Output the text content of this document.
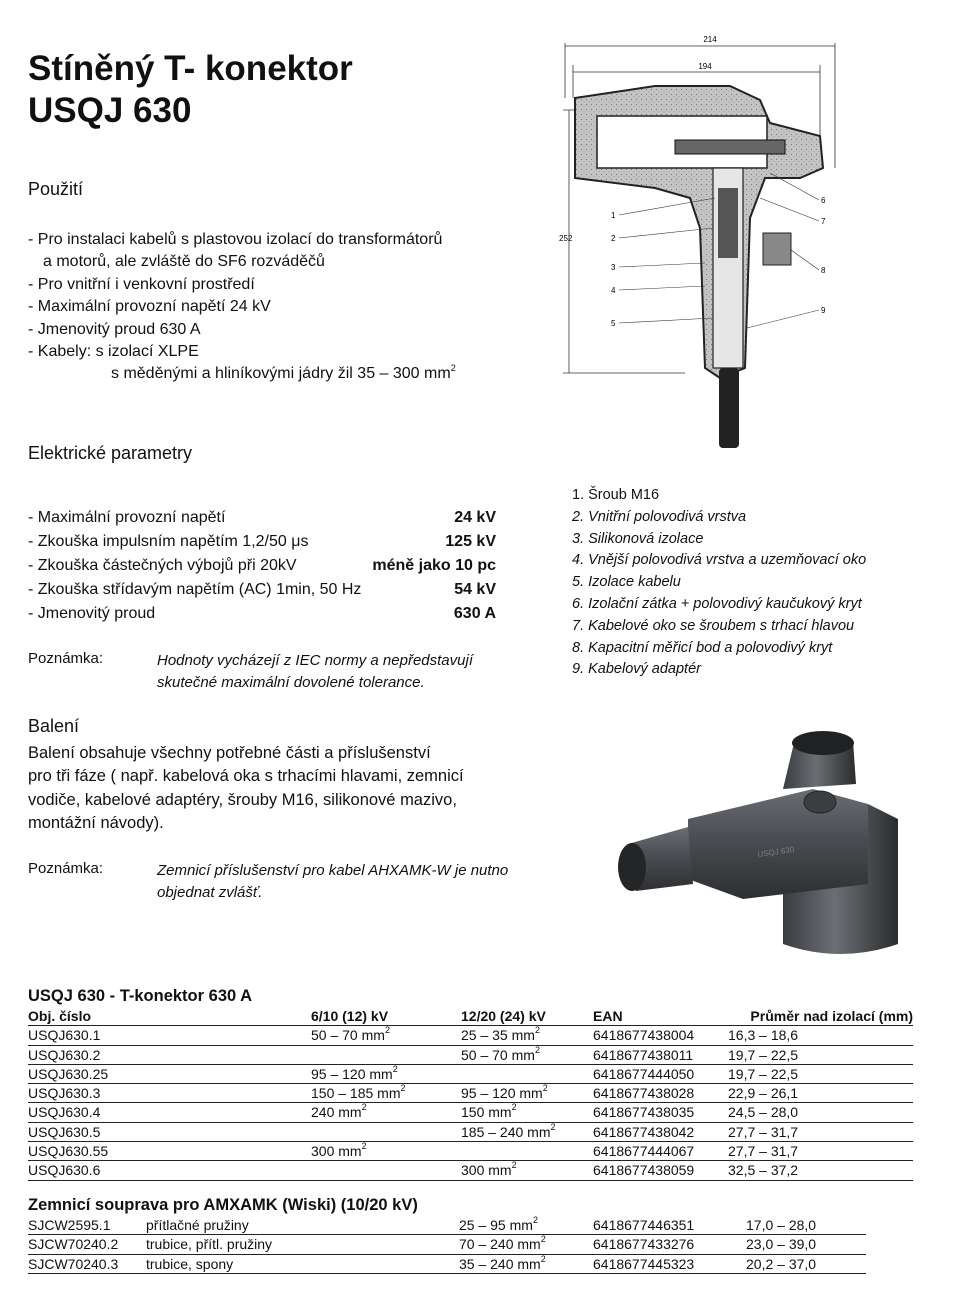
Stíněný T- konektor
USQJ 630
Použití
- Pro instalaci kabelů s plastovou izolací do transformátorů
a motorů, ale zvláště do SF6 rozváděčů
- Pro vnitřní i venkovní prostředí
- Maximální provozní napětí 24 kV
- Jmenovitý proud 630 A
- Kabely: s izolací XLPE
s měděnými a hliníkovými jádry žil 35 – 300 $mm^2$
214
194
252
1
2
3
4
5
6
7
8
9
Elektrické parametry
- Maximální provozní napětí	24 kV
- Zkouška impulsním napětím 1,2/50 μs	125 kV
- Zkouška částečných výbojů při 20kV	méně jako 10 pc
- Zkouška střídavým napětím (AC) 1min, 50 Hz	54 kV
- Jmenovitý proud	630 A
Poznámka:	Hodnoty vycházejí z IEC normy a nepředstavují
skutečné maximální dovolené tolerance.
1. Šroub M16
2. Vnitřní polovodivá vrstva
3. Silikonová izolace
4. Vnější polovodivá vrstva a uzemňovací oko
5. Izolace kabelu
6. Izolační zátka + polovodivý kaučukový kryt
7. Kabelové oko se šroubem s trhací hlavou
8. Kapacitní měřicí bod a polovodivý kryt
9. Kabelový adaptér
Balení
Balení obsahuje všechny potřebné části a příslušenství
pro tři fáze ( např. kabelová oka s trhacími hlavami, zemnicí
vodiče, kabelové adaptéry, šrouby M16, silikonové mazivo,
montážní návody).
Poznámka:	Zemnicí příslušenství pro kabel AHXAMK-W je nutno
objednat zvlášť.
USQJ 630
USQJ 630 - T-konektor 630 A
Obj. číslo	6/10 (12) kV	12/20 (24) kV	EAN	Průměr nad izolací (mm)
USQJ630.1	50 – 70 $mm^2$	25 – 35 $mm^2$	6418677438004	16,3 – 18,6
USQJ630.2		50 – 70 $mm^2$	6418677438011	19,7 – 22,5
USQJ630.25	95 – 120 $mm^2$		6418677444050	19,7 – 22,5
USQJ630.3	150 – 185 $mm^2$	95 – 120 $mm^2$	6418677438028	22,9 – 26,1
USQJ630.4	240 $mm^2$	150 $mm^2$	6418677438035	24,5 – 28,0
USQJ630.5		185 – 240 $mm^2$	6418677438042	27,7 – 31,7
USQJ630.55	300 $mm^2$		6418677444067	27,7 – 31,7
USQJ630.6		300 $mm^2$	6418677438059	32,5 – 37,2
Zemnicí souprava pro AMXAMK (Wiski) (10/20 kV)
SJCW2595.1	přítlačné pružiny	25 – 95 $mm^2$	6418677446351	17,0 – 28,0
SJCW70240.2	trubice, přítl. pružiny	70 – 240 $mm^2$	6418677433276	23,0 – 39,0
SJCW70240.3	trubice, spony	35 – 240 $mm^2$	6418677445323	20,2 – 37,0
